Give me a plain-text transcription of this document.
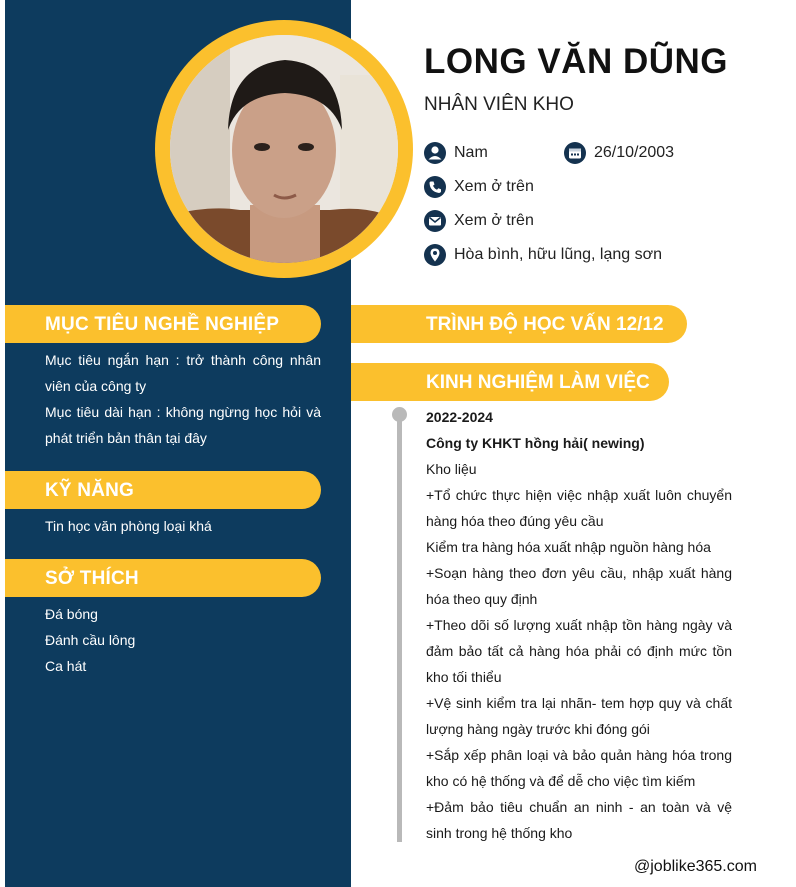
LONG VĂN DŨNG
NHÂN VIÊN KHO
Nam	26/10/2003
Xem ở trên
Xem ở trên
Hòa bình, hữu lũng, lạng sơn
MỤC TIÊU NGHỀ NGHIỆP
Mục tiêu ngắn hạn : trở thành công nhân viên của công ty
Mục tiêu dài hạn : không ngừng học hỏi và phát triển bản thân tại đây
KỸ NĂNG
Tin học văn phòng loại khá
SỞ THÍCH
Đá bóng
Đánh cầu lông
Ca hát
TRÌNH ĐỘ HỌC VẤN 12/12
KINH NGHIỆM LÀM VIỆC
2022-2024
Công ty KHKT hồng hải( newing)
Kho liệu
+Tổ chức thực hiện việc nhập xuất luôn chuyển hàng hóa theo đúng yêu cầu
Kiểm tra hàng hóa xuất nhập nguồn hàng hóa
+Soạn hàng theo đơn yêu cầu, nhập xuất hàng hóa theo quy định
+Theo dõi số lượng xuất nhập tồn hàng ngày và đảm bảo tất cả hàng hóa phải có định mức tồn kho tối thiểu
+Vệ sinh kiểm tra lại nhãn- tem hợp quy và chất lượng hàng ngày trước khi đóng gói
+Sắp xếp phân loại và bảo quản hàng hóa trong kho có hệ thống và để dễ cho việc tìm kiếm
+Đảm bảo tiêu chuẩn an ninh - an toàn và vệ sinh trong hệ thống kho
@joblike365.com
